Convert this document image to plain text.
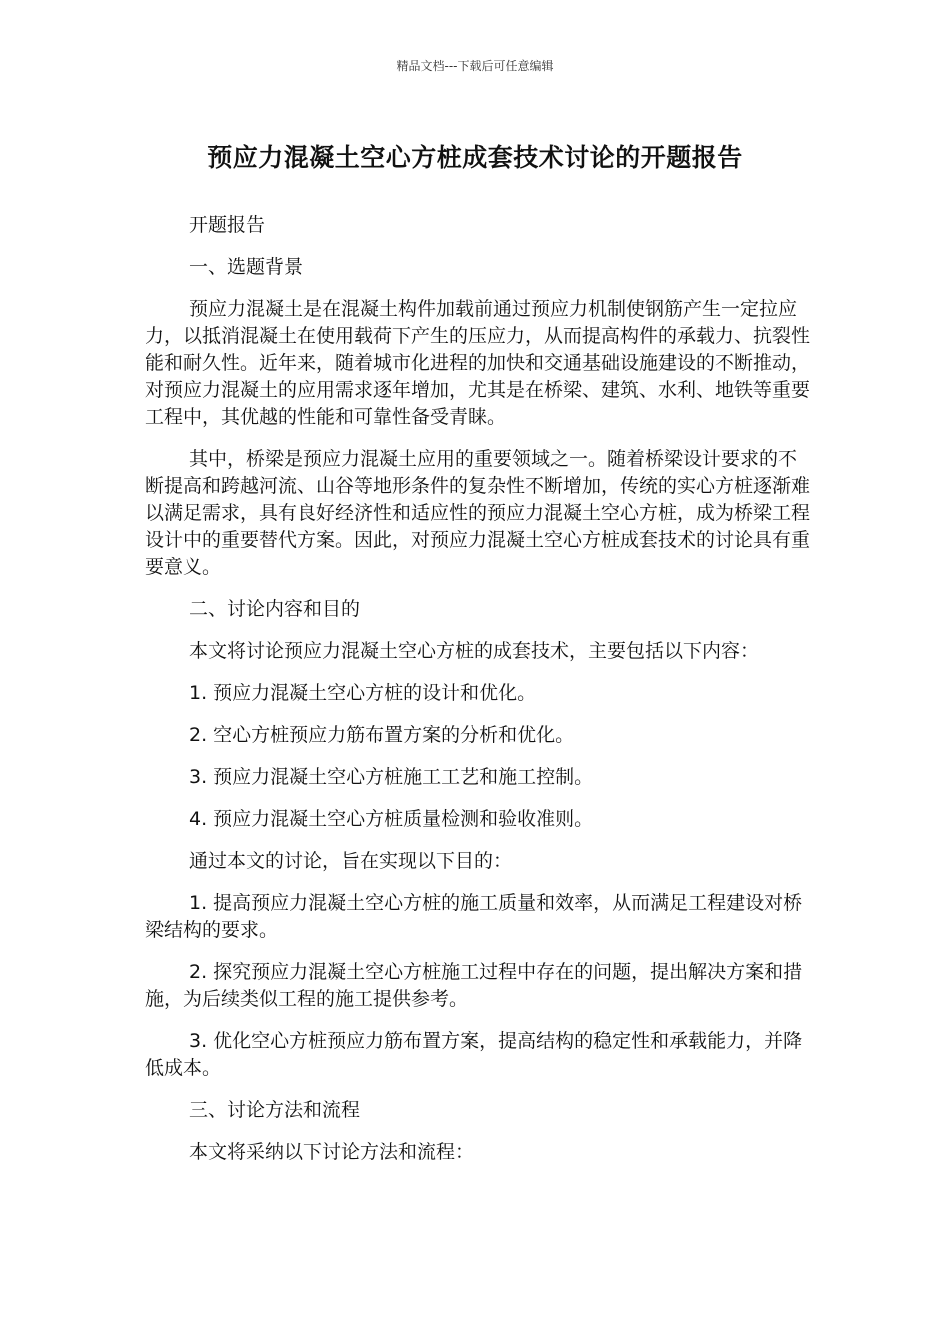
精品文档---下载后可任意编辑
预应力混凝土空心方桩成套技术讨论的开题报告

开题报告

一、选题背景

预应力混凝土是在混凝土构件加载前通过预应力机制使钢筋产生一定拉应力，以抵消混凝土在使用载荷下产生的压应力，从而提高构件的承载力、抗裂性能和耐久性。近年来，随着城市化进程的加快和交通基础设施建设的不断推动，对预应力混凝土的应用需求逐年增加，尤其是在桥梁、建筑、水利、地铁等重要工程中，其优越的性能和可靠性备受青睐。

其中，桥梁是预应力混凝土应用的重要领域之一。随着桥梁设计要求的不断提高和跨越河流、山谷等地形条件的复杂性不断增加，传统的实心方桩逐渐难以满足需求，具有良好经济性和适应性的预应力混凝土空心方桩，成为桥梁工程设计中的重要替代方案。因此，对预应力混凝土空心方桩成套技术的讨论具有重要意义。

二、讨论内容和目的

本文将讨论预应力混凝土空心方桩的成套技术，主要包括以下内容：

1. 预应力混凝土空心方桩的设计和优化。

2. 空心方桩预应力筋布置方案的分析和优化。

3. 预应力混凝土空心方桩施工工艺和施工控制。

4. 预应力混凝土空心方桩质量检测和验收准则。

通过本文的讨论，旨在实现以下目的：

1. 提高预应力混凝土空心方桩的施工质量和效率，从而满足工程建设对桥梁结构的要求。

2. 探究预应力混凝土空心方桩施工过程中存在的问题，提出解决方案和措施，为后续类似工程的施工提供参考。

3. 优化空心方桩预应力筋布置方案，提高结构的稳定性和承载能力，并降低成本。

三、讨论方法和流程

本文将采纳以下讨论方法和流程：
